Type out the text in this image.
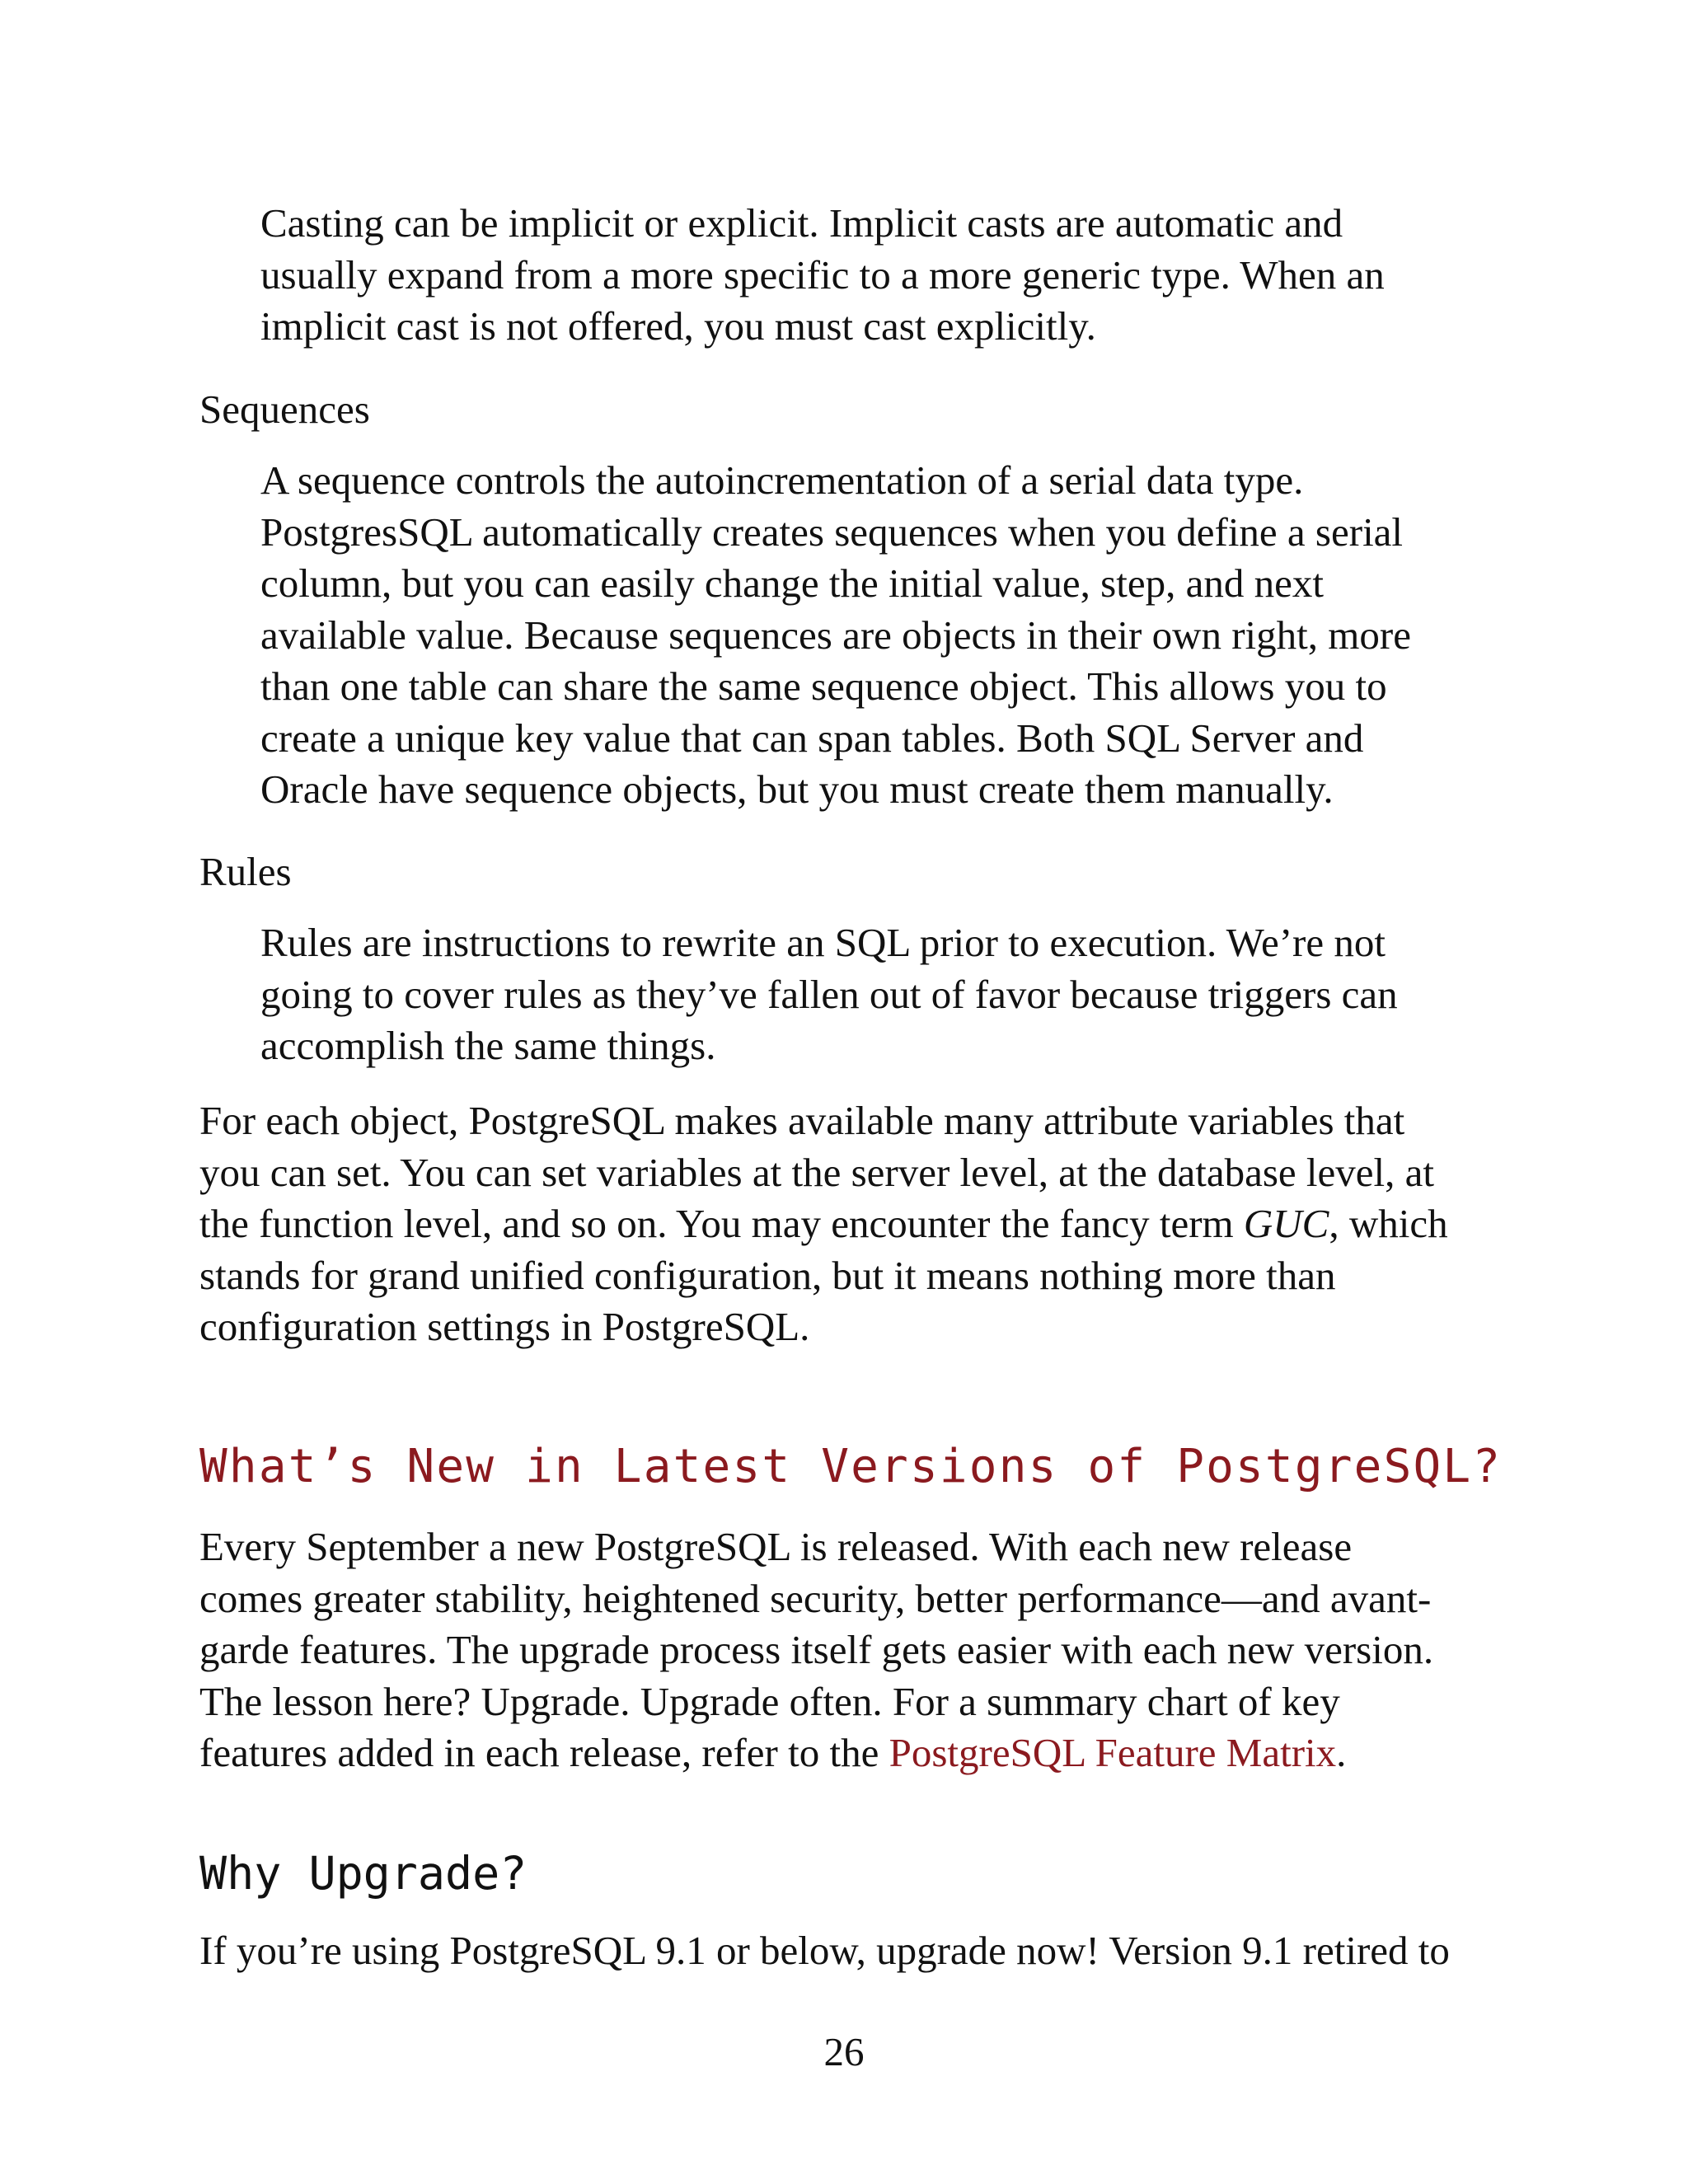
Casting can be implicit or explicit. Implicit casts are automatic and
usually expand from a more specific to a more generic type. When an
implicit cast is not offered, you must cast explicitly.

Sequences

A sequence controls the autoincrementation of a serial data type.
PostgresSQL automatically creates sequences when you define a serial
column, but you can easily change the initial value, step, and next
available value. Because sequences are objects in their own right, more
than one table can share the same sequence object. This allows you to
create a unique key value that can span tables. Both SQL Server and
Oracle have sequence objects, but you must create them manually.

Rules

Rules are instructions to rewrite an SQL prior to execution. We’re not
going to cover rules as they’ve fallen out of favor because triggers can
accomplish the same things.

For each object, PostgreSQL makes available many attribute variables that
you can set. You can set variables at the server level, at the database level, at
the function level, and so on. You may encounter the fancy term GUC, which
stands for grand unified configuration, but it means nothing more than
configuration settings in PostgreSQL.

What’s New in Latest Versions of PostgreSQL?

Every September a new PostgreSQL is released. With each new release
comes greater stability, heightened security, better performance—and avant-
garde features. The upgrade process itself gets easier with each new version.
The lesson here? Upgrade. Upgrade often. For a summary chart of key
features added in each release, refer to the PostgreSQL Feature Matrix.

Why Upgrade?

If you’re using PostgreSQL 9.1 or below, upgrade now! Version 9.1 retired to

26
